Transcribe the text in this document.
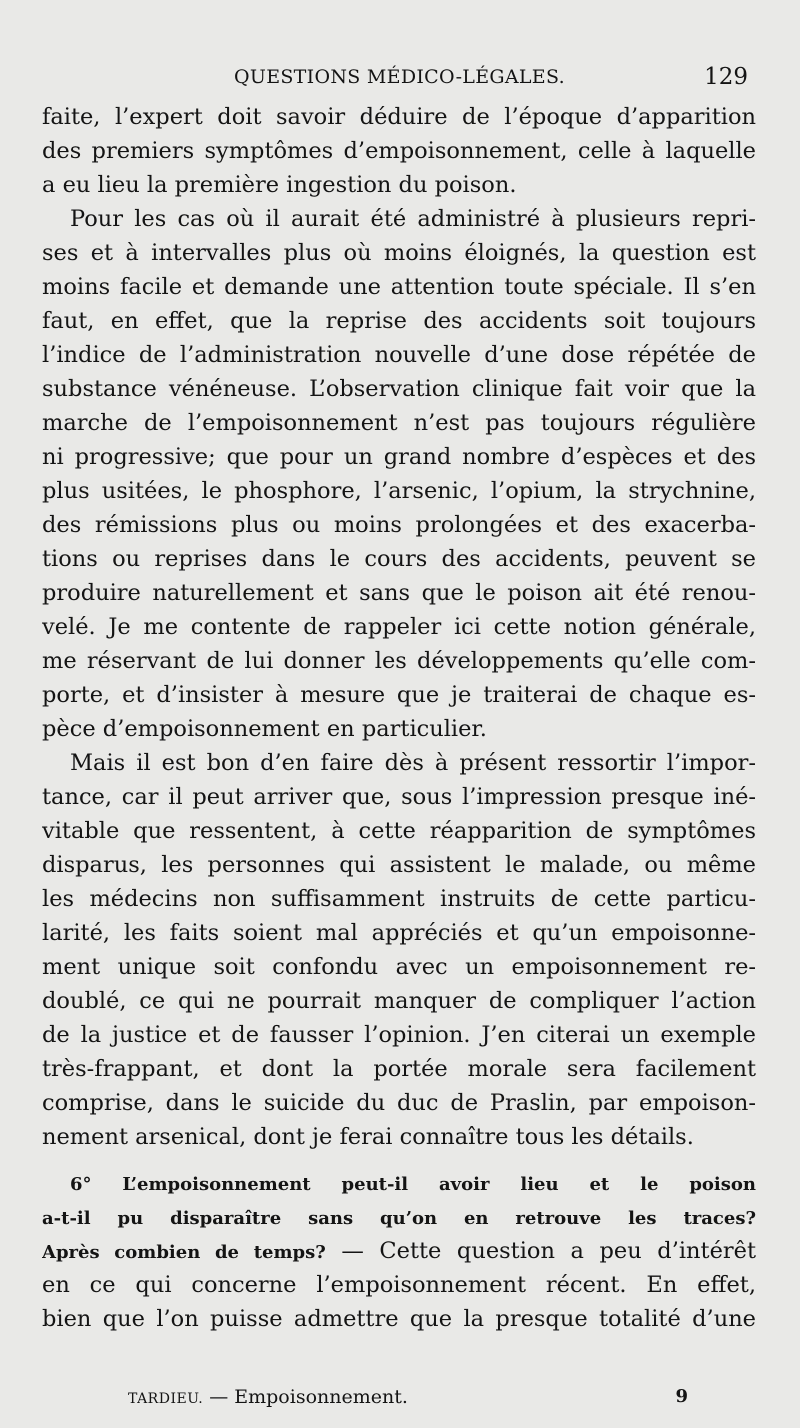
QUESTIONS MÉDICO-LÉGALES.	129
faite, l’expert doit savoir déduire de l’époque d’apparition
des premiers symptômes d’empoisonnement, celle à laquelle
a eu lieu la première ingestion du poison.
Pour les cas où il aurait été administré à plusieurs repri-
ses et à intervalles plus où moins éloignés, la question est
moins facile et demande une attention toute spéciale. Il s’en
faut, en effet, que la reprise des accidents soit toujours
l’indice de l’administration nouvelle d’une dose répétée de
substance vénéneuse. L’observation clinique fait voir que la
marche de l’empoisonnement n’est pas toujours régulière
ni progressive; que pour un grand nombre d’espèces et des
plus usitées, le phosphore, l’arsenic, l’opium, la strychnine,
des rémissions plus ou moins prolongées et des exacerba-
tions ou reprises dans le cours des accidents, peuvent se
produire naturellement et sans que le poison ait été renou-
velé. Je me contente de rappeler ici cette notion générale,
me réservant de lui donner les développements qu’elle com-
porte, et d’insister à mesure que je traiterai de chaque es-
pèce d’empoisonnement en particulier.
Mais il est bon d’en faire dès à présent ressortir l’impor-
tance, car il peut arriver que, sous l’impression presque iné-
vitable que ressentent, à cette réapparition de symptômes
disparus, les personnes qui assistent le malade, ou même
les médecins non suffisamment instruits de cette particu-
larité, les faits soient mal appréciés et qu’un empoisonne-
ment unique soit confondu avec un empoisonnement re-
doublé, ce qui ne pourrait manquer de compliquer l’action
de la justice et de fausser l’opinion. J’en citerai un exemple
très-frappant, et dont la portée morale sera facilement
comprise, dans le suicide du duc de Praslin, par empoison-
nement arsenical, dont je ferai connaître tous les détails.
6° L’empoisonnement peut-il avoir lieu et le poison
a-t-il pu disparaître sans qu’on en retrouve les traces?
Après combien de temps? — Cette question a peu d’intérêt
en ce qui concerne l’empoisonnement récent. En effet,
bien que l’on puisse admettre que la presque totalité d’une
TARDIEU. — Empoisonnement.	9
